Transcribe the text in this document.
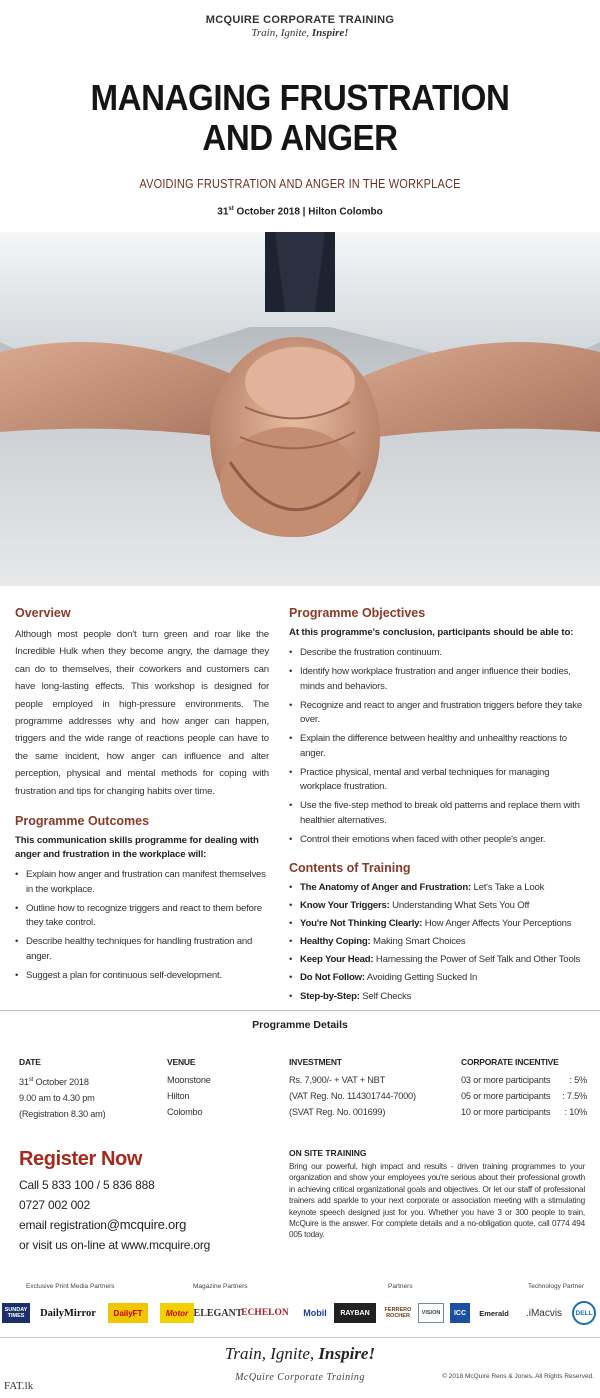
MCQUIRE CORPORATE TRAINING
Train, Ignite, Inspire!
MANAGING FRUSTRATION
AND ANGER
AVOIDING FRUSTRATION AND ANGER IN THE WORKPLACE
31st October 2018 | Hilton Colombo
Overview
Although most people don't turn green and roar like the Incredible Hulk when they become angry, the damage they can do to themselves, their coworkers and customers can have long-lasting effects. This workshop is designed for people employed in high-pressure environments. The programme addresses why and how anger can happen, triggers and the wide range of reactions people can have to the same incident, how anger can influence and alter perception, physical and mental methods for coping with frustration and tips for changing habits over time.
Programme Outcomes
This communication skills programme for dealing with anger and frustration in the workplace will:
• Explain how anger and frustration can manifest themselves in the workplace.
• Outline how to recognize triggers and react to them before they take control.
• Describe healthy techniques for handling frustration and anger.
• Suggest a plan for continuous self-development.
Programme Objectives
At this programme's conclusion, participants should be able to:
• Describe the frustration continuum.
• Identify how workplace frustration and anger influence their bodies, minds and behaviors.
• Recognize and react to anger and frustration triggers before they take over.
• Explain the difference between healthy and unhealthy reactions to anger.
• Practice physical, mental and verbal techniques for managing workplace frustration.
• Use the five-step method to break old patterns and replace them with healthier alternatives.
• Control their emotions when faced with other people's anger.
Contents of Training
• The Anatomy of Anger and Frustration: Let's Take a Look
• Know Your Triggers: Understanding What Sets You Off
• You're Not Thinking Clearly: How Anger Affects Your Perceptions
• Healthy Coping: Making Smart Choices
• Keep Your Head: Harnessing the Power of Self Talk and Other Tools
• Do Not Follow: Avoiding Getting Sucked In
• Step-by-Step: Self Checks
Programme Details
DATE
31st October 2018
9.00 am to 4.30 pm
(Registration 8.30 am)
VENUE
Moonstone
Hilton
Colombo
INVESTMENT
Rs. 7,900/- + VAT + NBT
(VAT Reg. No. 114301744-7000)
(SVAT Reg. No. 001699)
CORPORATE INCENTIVE
03 or more participants : 5%
05 or more participants : 7.5%
10 or more participants : 10%
Register Now
Call 5 833 100 / 5 836 888
0727 002 002
email registration@mcquire.org
or visit us on-line at www.mcquire.org
ON SITE TRAINING

Bring our powerful, high impact and results - driven training programmes to your organization and show your employees you're serious about their professional growth in achieving critical organizational goals and objectives. Or let our staff of professional trainers add sparkle to your next corporate or association meeting with a stimulating keynote speech designed just for you. Whether you have 3 or 300 people to train, McQuire is the answer. For complete details and a no-obligation quote, call 0774 494 005 today.

Exclusive Print Media Partners	Magazine Partners	Partners	Technology Partner
SUNDAY TIMES	DailyMirror	DailyFT	Motor ELEGANT
ECHELON	Mobil	RAYBAN	FERRERO ROCHER	VISION	ICC	Emerald	.iMacvis	DELL
Train, Ignite, Inspire!
McQuire Corporate Training	© 2018 McQuire Rens & Jones. All Rights Reserved.
FAT.lk
